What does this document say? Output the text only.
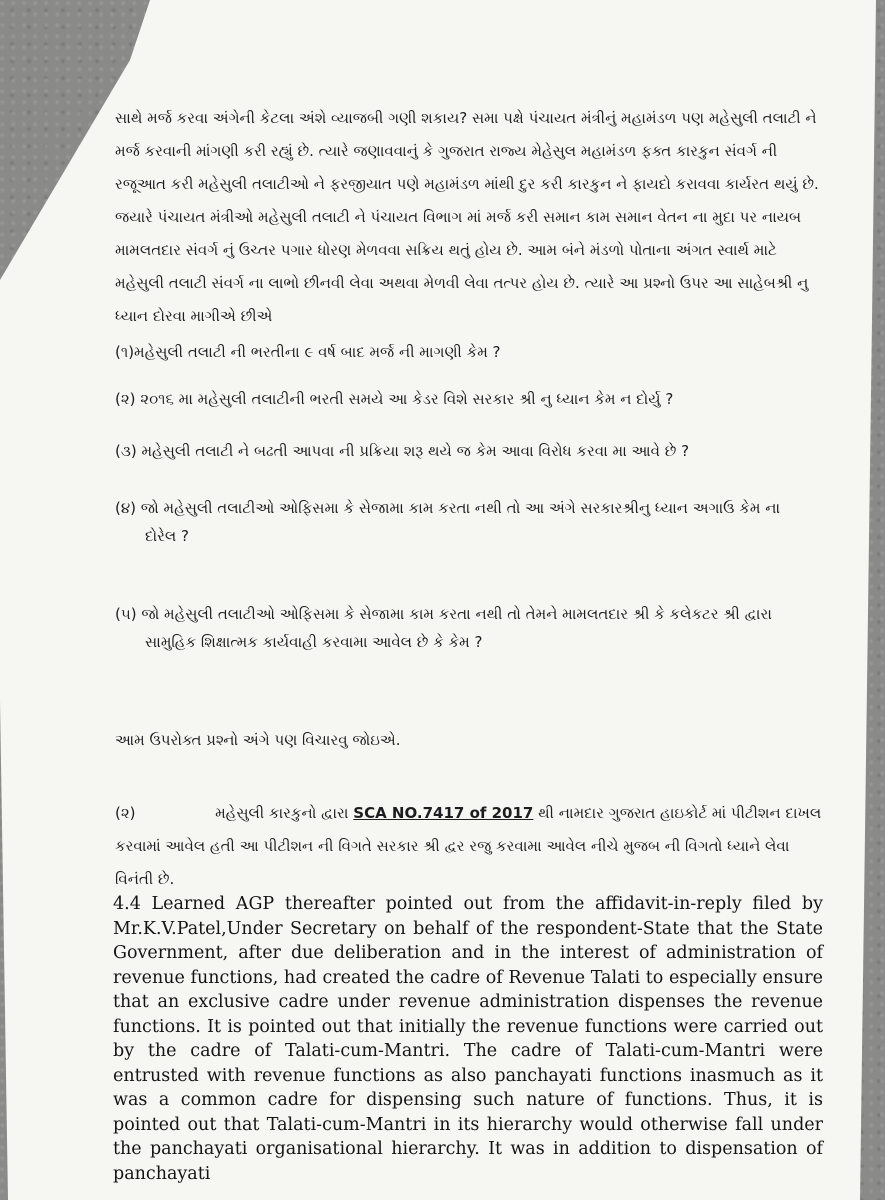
સાથે મર્જ કરવા અંગેની કેટલા અંશે વ્યાજબી ગણી શકાય? સમા પક્ષે પંચાયત મંત્રીનું મહામંડળ પણ મહેસુલી તલાટી ને મર્જ કરવાની માંગણી કરી રહ્યું છે. ત્યારે જણાવવાનું કે ગુજરાત રાજ્ય મેહેસુલ મહામંડળ ફક્ત કારકુન સંવર્ગ ની રજૂઆત કરી મહેસુલી તલાટીઓ ને ફરજીયાત પણે મહામંડળ માંથી દુર કરી કારકુન ને ફાયદો કરાવવા કાર્યરત થયું છે. જયારે પંચાયત મંત્રીઓ મહેસુલી તલાટી ને પંચાયત વિભાગ માં મર્જ કરી સમાન કામ સમાન વેતન ના મુદા પર નાયબ મામલતદાર સંવર્ગ નું ઉચ્તર પગાર ધોરણ મેળવવા સક્રિય થતું હોય છે. આમ બંને મંડળો પોતાના અંગત સ્વાર્થ માટે મહેસુલી તલાટી સંવર્ગ ના લાભો છીનવી લેવા અથવા મેળવી લેવા તત્પર હોય છે. ત્યારે આ પ્રશ્નો ઉપર આ સાહેબશ્રી નુ ધ્યાન દોરવા માગીએ છીએ

(૧)મહેસુલી તલાટી ની ભરતીના ૯ વર્ષ બાદ મર્જ ની માગણી કેમ ?

(૨) ૨૦૧૬ મા મહેસુલી તલાટીની ભરતી સમયે આ કેડર વિશે સરકાર શ્રી નુ ધ્યાન કેમ ન દોર્યુ ?

(૩) મહેસુલી તલાટી ને બઢતી આપવા ની પ્રક્રિયા શરૂ થયે જ કેમ આવા વિરોધ કરવા મા આવે છે ?

(૪) જો મહેસુલી તલાટીઓ ઓફિસમા કે સેજામા કામ કરતા નથી તો આ અંગે સરકારશ્રીનુ ધ્યાન અગાઉ કેમ ના
દોરેલ ?

(૫) જો મહેસુલી તલાટીઓ ઓફિસમા કે સેજામા કામ કરતા નથી તો તેમને મામલતદાર શ્રી કે કલેકટર શ્રી દ્વારા
સામુહિક શિક્ષાત્મક કાર્યવાહી કરવામા આવેલ છે કે કેમ ?

આમ ઉપરોક્ત પ્રશ્નો અંગે પણ વિચારવુ જોઇએ.

(૨)	મહેસુલી કારકુનો દ્વારા SCA NO.7417 of 2017 થી નામદાર ગુજરાત હાઇકોર્ટ માં પીટીશન દાખલ કરવામાં આવેલ હતી આ પીટીશન ની વિગતે સરકાર શ્રી દ્વર રજુ કરવામા આવેલ નીચે મુજબ ની વિગતો ધ્યાને લેવા વિનંતી છે.

4.4 Learned AGP thereafter pointed out from the affidavit-in-reply filed by Mr.K.V.Patel,Under Secretary on behalf of the respondent-State that the State Government, after due deliberation and in the interest of administration of revenue functions, had created the cadre of Revenue Talati to especially ensure that an exclusive cadre under revenue administration dispenses the revenue functions. It is pointed out that initially the revenue functions were carried out by the cadre of Talati-cum-Mantri. The cadre of Talati-cum-Mantri were entrusted with revenue functions as also panchayati functions inasmuch as it was a common cadre for dispensing such nature of functions. Thus, it is pointed out that Talati-cum-Mantri in its hierarchy would otherwise fall under the panchayati organisational hierarchy. It was in addition to dispensation of panchayati
